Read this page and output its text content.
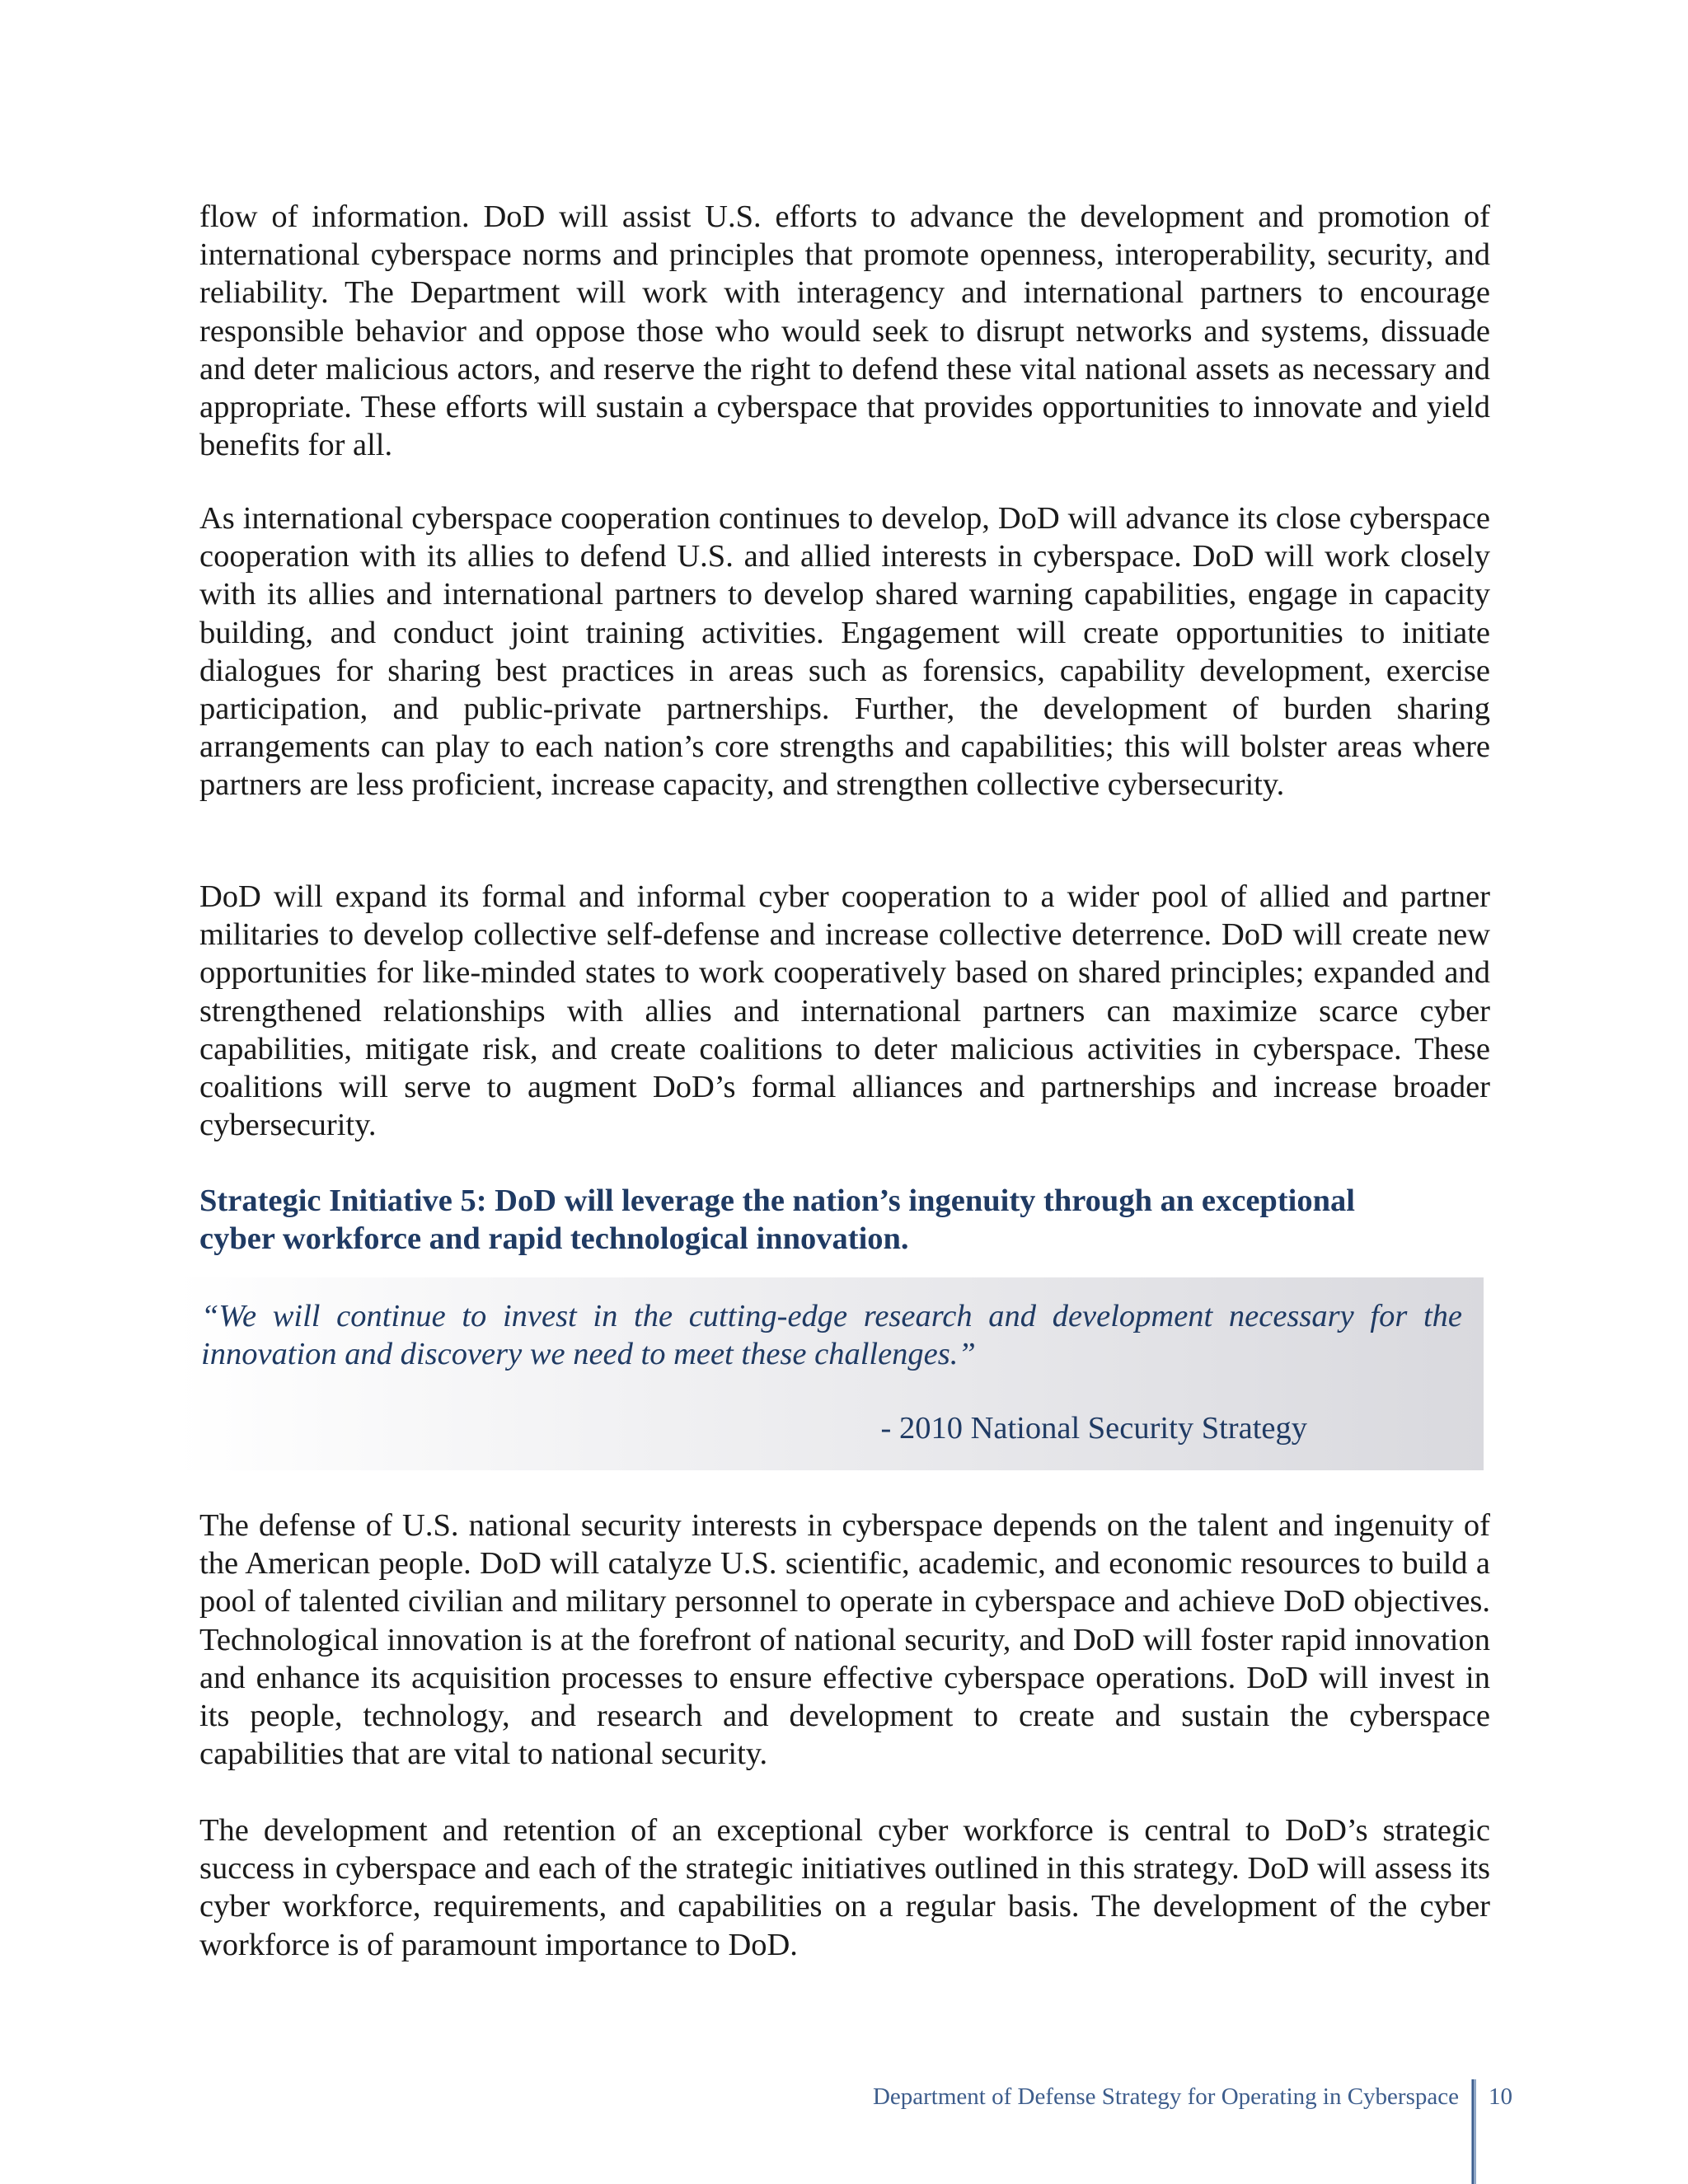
flow of information. DoD will assist U.S. efforts to advance the development and promotion of international cyberspace norms and principles that promote openness, interoperability, security, and reliability. The Department will work with interagency and international partners to encourage responsible behavior and oppose those who would seek to disrupt networks and systems, dissuade and deter malicious actors, and reserve the right to defend these vital national assets as necessary and appropriate. These efforts will sustain a cyberspace that provides opportunities to innovate and yield benefits for all.

As international cyberspace cooperation continues to develop, DoD will advance its close cyberspace cooperation with its allies to defend U.S. and allied interests in cyberspace. DoD will work closely with its allies and international partners to develop shared warning capabilities, engage in capacity building, and conduct joint training activities. Engagement will create opportunities to initiate dialogues for sharing best practices in areas such as forensics, capability development, exercise participation, and public-private partnerships. Further, the development of burden sharing arrangements can play to each nation’s core strengths and capabilities; this will bolster areas where partners are less proficient, increase capacity, and strengthen collective cybersecurity.

DoD will expand its formal and informal cyber cooperation to a wider pool of allied and partner militaries to develop collective self-defense and increase collective deterrence. DoD will create new opportunities for like-minded states to work cooperatively based on shared principles; expanded and strengthened relationships with allies and international partners can maximize scarce cyber capabilities, mitigate risk, and create coalitions to deter malicious activities in cyberspace. These coalitions will serve to augment DoD’s formal alliances and partnerships and increase broader cybersecurity.

Strategic Initiative 5: DoD will leverage the nation’s ingenuity through an exceptional

cyber workforce and rapid technological innovation.

“We will continue to invest in the cutting-edge research and development necessary for the innovation and discovery we need to meet these challenges.”

- 2010 National Security Strategy

The defense of U.S. national security interests in cyberspace depends on the talent and ingenuity of the American people. DoD will catalyze U.S. scientific, academic, and economic resources to build a pool of talented civilian and military personnel to operate in cyberspace and achieve DoD objectives. Technological innovation is at the forefront of national security, and DoD will foster rapid innovation and enhance its acquisition processes to ensure effective cyberspace operations. DoD will invest in its people, technology, and research and development to create and sustain the cyberspace capabilities that are vital to national security.

The development and retention of an exceptional cyber workforce is central to DoD’s strategic success in cyberspace and each of the strategic initiatives outlined in this strategy. DoD will assess its cyber workforce, requirements, and capabilities on a regular basis. The development of the cyber workforce is of paramount importance to DoD.

Department of Defense Strategy for Operating in Cyberspace 10
